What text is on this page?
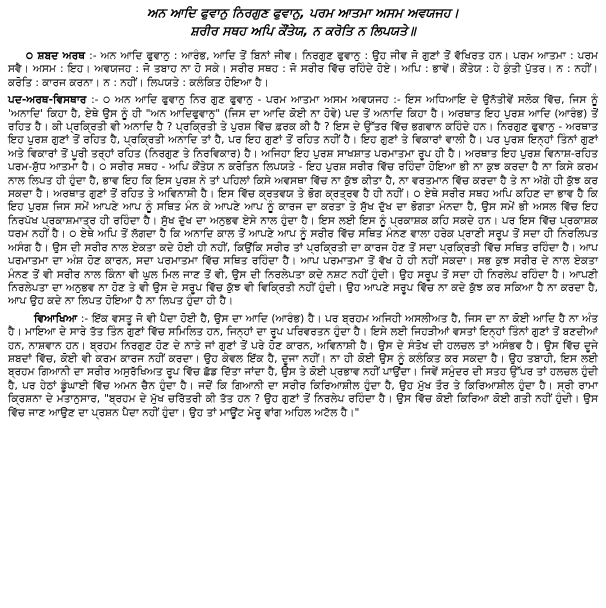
ਅਨ ਆਦਿ ਫੁਵਾਨੁ ਨਿਰਗੁਣ ਫੁਵਾਨੁ, ਪਰਮ ਆਤਮਾ ਅਸਮ ਅਵਯਜਹ।
ਸ਼ਰੀਰ ਸਥਹ ਅਪਿ ਕੌਂਤੇਯ, ਨ ਕਰੋਤਿ ਨ ਲਿਪਯਤੇ॥

੦ ਸ਼ਬਦ ਅਰਥ :- ਅਨ ਆਦਿ ਫੁਵਾਨੁ : ਆਰੰਭ, ਆਦਿ ਤੋਂ ਬਿਨਾਂ ਜੀਵ। ਨਿਰਗੁਣ ਫੁਵਾਨੁ : ਉਹ ਜੀਵ ਜੋ ਗੁਣਾਂ ਤੋਂ ਵੱਖਿਰਤ ਹਨ। ਪਰਮ ਆਤਮਾ : ਪਰਮ ਸਵੈ। ਅਸਮ : ਇਹ। ਅਵਯਜਹ : ਜੋ ਤਬਾਹ ਨਾ ਹੋ ਸਕੇ। ਸਰੀਰ ਸਥਹ : ਜੋ ਸਰੀਰ ਵਿੱਚ ਰਹਿੰਦੇ ਹੋਏ। ਅਪਿ : ਭਾਵੇਂ। ਕੌਂਤੇਯ : ਹੇ ਕੁੰਤੀ ਪੁੱਤਰ। ਨ : ਨਹੀਂ। ਕਰੋਤਿ : ਕਾਰਜ ਕਰਨਾ। ਨ : ਨਹੀਂ। ਲਿਪਯਤੇ : ਕਲੰਕਿਤ ਹੋਇਆ ਹੈ।

ਪਦ-ਅਰਥ-ਵਿਸਥਾਰ :- ੦ ਅਨ ਆਦਿ ਫੁਵਾਨੁ ਨਿਰ ਗੁਣ ਫੁਵਾਨੁ - ਪਰਮ ਆਤਮਾ ਅਸਮ ਅਵਯਜਹ :- ਇਸ ਅਧਿਆਇ ਦੇ ਉਨੱਤੀਵੇਂ ਸਲੋਕ ਵਿੱਚ, ਜਿਸ ਨੂੰ 'ਅਨਾਦਿ' ਕਿਹਾ ਹੈ, ਏਥੇ ਉਸ ਨੂੰ ਹੀ "ਅਨ ਆਦਿਫੁਵਾਨੁ" (ਜਿਸ ਦਾ ਆਦਿ ਕੋਈ ਨਾ ਹੋਵੇ) ਪਦ ਤੋਂ ਅਨਾਦਿ ਕਿਹਾ ਹੈ। ਅਰਥਾਤ ਇਹ ਪੁਰਸ਼ ਆਦਿ (ਆਰੰਭ) ਤੋਂ ਰਹਿਤ ਹੈ। ਕੀ ਪ੍ਰਕ੍ਰਿਤੀ ਵੀ ਅਨਾਦਿ ਹੈ ? ਪ੍ਰਕ੍ਰਿਤੀ ਤੇ ਪੁਰਸ਼ ਵਿੱਚ ਫ਼ਰਕ ਕੀ ਹੈ ? ਇਸ ਦੇ ਉੱਤਰ ਵਿੱਚ ਭਗਵਾਨ ਕਹਿੰਦੇ ਹਨ। ਨਿਰਗੁਣ ਫੁਵਾਨੁ - ਅਰਥਾਤ ਇਹ ਪੁਰਸ਼ ਗੁਣਾਂ ਤੋਂ ਰਹਿਤ ਹੈ, ਪ੍ਰਕ੍ਰਿਤੀ ਅਨਾਦਿ ਤਾਂ ਹੈ, ਪਰ ਇਹ ਗੁਣਾਂ ਤੋਂ ਰਹਿਤ ਨਹੀਂ ਹੈ। ਇਹ ਗੁਣਾਂ ਤੇ ਵਿਕਾਰਾਂ ਵਾਲੀ ਹੈ। ਪਰ ਪੁਰਸ਼ ਇਨ੍ਹਾਂ ਤਿੰਨਾਂ ਗੁਣਾਂ ਅਤੇ ਵਿਕਾਰਾਂ ਤੋਂ ਪੂਰੀ ਤਰ੍ਹਾਂ ਰਹਿਤ (ਨਿਰਗੁਣ ਤੇ ਨਿਰਵਿਕਾਰ) ਹੈ। ਅਜਿਹਾ ਇਹ ਪੁਰਸ਼ ਸਾਖਸ਼ਾਤ ਪਰਮਾਤਮਾ ਰੂਪ ਹੀ ਹੈ। ਅਰਥਾਤ ਇਹ ਪੁਰਸ਼ ਵਿਨਾਸ਼-ਰਹਿਤ ਪਰਮ-ਸ਼ੁੱਧ ਆਤਮਾ ਹੈ। ੦ ਸਰੀਰ ਸਥਹ - ਅਪਿ ਕੌਂਤੇਯ ਨ ਕਰੋਤਿਨ ਲਿਪਯਤੇ - ਇਹ ਪੁਰਸ਼ ਸਰੀਰ ਵਿੱਚ ਰਹਿੰਦਾ ਹੋਇਆ ਭੀ ਨਾ ਕੁਝ ਕਰਦਾ ਹੈ ਨਾ ਕਿਸੇ ਕਰਮ ਨਾਲ ਲਿਪਤ ਹੀ ਹੁੰਦਾ ਹੈ, ਭਾਵ ਇਹ ਕਿ ਇਸ ਪੁਰਸ਼ ਨੇ ਤਾਂ ਪਹਿਲਾਂ ਕਿਸੇ ਅਵਸਥਾ ਵਿੱਚ ਨਾ ਕੁੱਝ ਕੀਤਾ ਹੈ, ਨਾ ਵਰਤਮਾਨ ਵਿੱਚ ਕਰਦਾ ਹੈ ਤੇ ਨਾ ਅੱਗੇ ਹੀ ਕੁੱਝ ਕਰ ਸਕਦਾ ਹੈ। ਅਰਥਾਤ ਗੁਣਾਂ ਤੋਂ ਰਹਿਤ ਤੇ ਅਵਿਨਾਸ਼ੀ ਹੈ। ਇਸ ਵਿੱਚ ਕ੍ਰਤਵਯ ਤੇ ਭੋਗ ਕ੍ਰਤ੍ਰਵ ਹੈ ਹੀ ਨਹੀਂ। ੦ ਏਥੇ ਸਰੀਰ ਸਥਹ ਅਪਿ ਕਹਿਣ ਦਾ ਭਾਵ ਹੈ ਕਿ ਇਹ ਪੁਰਸ਼ ਜਿਸ ਸਮੇਂ ਆਪਣੇ ਆਪ ਨੂੰ ਸਥਿਤ ਮੰਨ ਕੇ ਆਪਣੇ ਆਪ ਨੂੰ ਕਾਰਜ ਦਾ ਕਰਤਾ ਤੇ ਸੁੱਖ ਦੁੱਖ ਦਾ ਭੋਗਤਾ ਮੰਨਦਾ ਹੈ, ਉਸ ਸਮੇਂ ਭੀ ਅਸਲ ਵਿੱਚ ਇਹ ਨਿਰਪੱਖ ਪ੍ਰਕਾਸ਼ਮਾਤ੍ਰ ਹੀ ਰਹਿੰਦਾ ਹੈ। ਸੁੱਖ ਦੁੱਖ ਦਾ ਅਨੁਭਵ ਏਸੇ ਨਾਲ ਹੁੰਦਾ ਹੈ। ਇਸ ਲਈ ਇਸ ਨੂੰ ਪ੍ਰਕਾਸ਼ਕ ਕਹਿ ਸਕਦੇ ਹਨ। ਪਰ ਇਸ ਵਿੱਚ ਪ੍ਰਕਾਸ਼ਕ ਧਰਮ ਨਹੀਂ ਹੈ। ੦ ਏਥੇ ਅਪਿ ਤੋਂ ਲੱਗਦਾ ਹੈ ਕਿ ਅਨਾਦਿ ਕਾਲ ਤੋਂ ਆਪਣੇ ਆਪ ਨੂੰ ਸਰੀਰ ਵਿੱਚ ਸਥਿਤ ਮੰਨਣ ਵਾਲਾ ਹਰੇਕ ਪ੍ਰਾਣੀ ਸਰੂਪ ਤੋਂ ਸਦਾ ਹੀ ਨਿਰਲਿਪਤ ਅਸੰਗ ਹੈ। ਉਸ ਦੀ ਸਰੀਰ ਨਾਲ ਏਕਤਾ ਕਦੇ ਹੋਈ ਹੀ ਨਹੀਂ, ਕਿਉਂਕਿ ਸਰੀਰ ਤਾਂ ਪ੍ਰਕ੍ਰਿਤੀ ਦਾ ਕਾਰਜ ਹੋਣ ਤੋਂ ਸਦਾ ਪ੍ਰਕ੍ਰਿਤੀ ਵਿੱਚ ਸਥਿਤ ਰਹਿੰਦਾ ਹੈ। ਆਪ ਪਰਮਾਤਮਾ ਦਾ ਅੰਸ਼ ਹੋਣ ਕਾਰਨ, ਸਦਾ ਪਰਮਾਤਮਾ ਵਿੱਚ ਸਥਿਤ ਰਹਿੰਦਾ ਹੈ। ਆਪ ਪਰਮਾਤਮਾ ਤੋਂ ਵੱਖ ਹੋ ਹੀ ਨਹੀਂ ਸਕਦਾ। ਸਭ ਕੁਝ ਸਰੀਰ ਦੇ ਨਾਲ ਏਕਤਾ ਮੰਨਣ ਤੋਂ ਵੀ ਸਰੀਰ ਨਾਲ ਕਿੰਨਾ ਵੀ ਘੁਲ ਮਿਲ ਜਾਣ ਤੋਂ ਵੀ, ਉਸ ਦੀ ਨਿਰਲੇਪਤਾ ਕਦੇ ਨਸ਼ਟ ਨਹੀਂ ਹੁੰਦੀ। ਉਹ ਸਰੂਪ ਤੋਂ ਸਦਾ ਹੀ ਨਿਰਲੇਪ ਰਹਿੰਦਾ ਹੈ। ਆਪਣੀ ਨਿਰਲੇਪਤਾ ਦਾ ਅਨੁਭਵ ਨਾ ਹੋਣ ਤੇ ਵੀ ਉਸ ਦੇ ਸਰੂਪ ਵਿੱਚ ਕੁੱਝ ਵੀ ਵਿਕ੍ਰਿਤੀ ਨਹੀਂ ਹੁੰਦੀ। ਉਹ ਆਪਣੇ ਸਰੂਪ ਵਿੱਚ ਨਾ ਕਦੇ ਕੁੱਝ ਕਰ ਸਕਿਆ ਹੈ ਨਾ ਕਰਦਾ ਹੈ, ਆਪ ਉਹ ਕਦੇ ਨਾ ਲਿਪਤ ਹੋਇਆ ਹੈ ਨਾ ਲਿਪਤ ਹੁੰਦਾ ਹੀ ਹੈ।

ਵਿਆਖਿਆ :- ਇੱਕ ਵਸਤੂ ਜੋ ਵੀ ਪੈਦਾ ਹੋਈ ਹੈ, ਉਸ ਦਾ ਆਦਿ (ਆਰੰਭ) ਹੈ। ਪਰ ਬ੍ਰਹਮ ਅਜਿਹੀ ਅਸਲੀਅਤ ਹੈ, ਜਿਸ ਦਾ ਨਾ ਕੋਈ ਆਦਿ ਹੈ ਨਾ ਅੰਤ ਹੈ। ਮਾਇਆ ਦੇ ਸਾਰੇ ਤੱਤ ਤਿੰਨ ਗੁਣਾਂ ਵਿੱਚ ਸਮਿਲਿਤ ਹਨ, ਜਿਨ੍ਹਾਂ ਦਾ ਰੂਪ ਪਰਿਵਰਤਨ ਹੁੰਦਾ ਹੈ। ਇਸੇ ਲਈ ਜਿਹੜੀਆਂ ਵਸਤਾਂ ਇਨ੍ਹਾਂ ਤਿੰਨਾਂ ਗੁਣਾਂ ਤੋਂ ਬਣਦੀਆਂ ਹਨ, ਨਾਸ਼ਵਾਨ ਹਨ। ਬ੍ਰਹਮ ਨਿਰਗੁਣ ਹੋਣ ਦੇ ਨਾਤੇ ਜਾਂ ਗੁਣਾਂ ਤੋਂ ਪਰੇ ਹੋਣ ਕਾਰਨ, ਅਵਿਨਾਸ਼ੀ ਹੈ। ਉਸ ਦੇ ਸੰਤੋਖ ਦੀ ਹਲਚਲ ਤਾਂ ਅਸੰਭਵ ਹੈ। ਉਸ ਵਿੱਚ ਦੂਜੇ ਸ਼ਬਦਾਂ ਵਿੱਚ, ਕੋਈ ਵੀ ਕਰਮ ਕਾਰਜ ਨਹੀਂ ਕਰਦਾ। ਉਹ ਕੇਵਲ ਇੱਕ ਹੈ, ਦੂਜਾ ਨਹੀਂ। ਨਾ ਹੀ ਕੋਈ ਉਸ ਨੂੰ ਕਲੰਕਿਤ ਕਰ ਸਕਦਾ ਹੈ। ਉਹ ਤਬਾਹੀ, ਇਸ ਲਈ ਬ੍ਰਹਮ ਗਿਆਨੀ ਦਾ ਸਰੀਰ ਅਸੁਰੱਖਿਅਤ ਰੂਪ ਵਿੱਚ ਛੱਡ ਦਿੱਤਾ ਜਾਂਦਾ ਹੈ, ਉਸ ਤੇ ਕੋਈ ਪ੍ਰਭਾਵ ਨਹੀਂ ਪਾਉਂਦਾ। ਜਿਵੇਂ ਸਮੁੰਦਰ ਦੀ ਸਤਹ ਉੱਪਰ ਤਾਂ ਹਲਚਲ ਹੁੰਦੀ ਹੈ, ਪਰ ਹੇਠਾਂ ਡੂੰਘਾਈ ਵਿੱਚ ਅਮਨ ਚੈਨ ਹੁੰਦਾ ਹੈ। ਜਦੋਂ ਕਿ ਗਿਆਨੀ ਦਾ ਸਰੀਰ ਕਿਰਿਆਸ਼ੀਲ ਹੁੰਦਾ ਹੈ, ਉਹ ਮੁੱਖ ਤੌਰ ਤੇ ਕਿਰਿਆਸ਼ੀਲ ਹੁੰਦਾ ਹੈ। ਸ੍ਰੀ ਰਾਮਾ ਕ੍ਰਿਸ਼ਨਾ ਦੇ ਮਤਾਨੁਸਾਰ, "ਬ੍ਰਹਮ ਦੇ ਮੁੱਖ ਚਰਿੱਤਰੀ ਕੀ ਤੱਤ ਹਨ ? ਉਹ ਗੁਣਾਂ ਤੋਂ ਨਿਰਲੇਪ ਰਹਿੰਦਾ ਹੈ। ਉਸ ਵਿੱਚ ਕੋਈ ਕਿਰਿਆ ਕੋਈ ਗਤੀ ਨਹੀਂ ਹੁੰਦੀ। ਉਸ ਵਿੱਚ ਜਾਣ ਆਉਣ ਦਾ ਪ੍ਰਸ਼ਨ ਪੈਦਾ ਨਹੀਂ ਹੁੰਦਾ। ਉਹ ਤਾਂ ਮਾਊਂਟ ਮੇਰੂ ਵਾਂਗ ਅਹਿਲ ਅਟੱਲ ਹੈ।"
